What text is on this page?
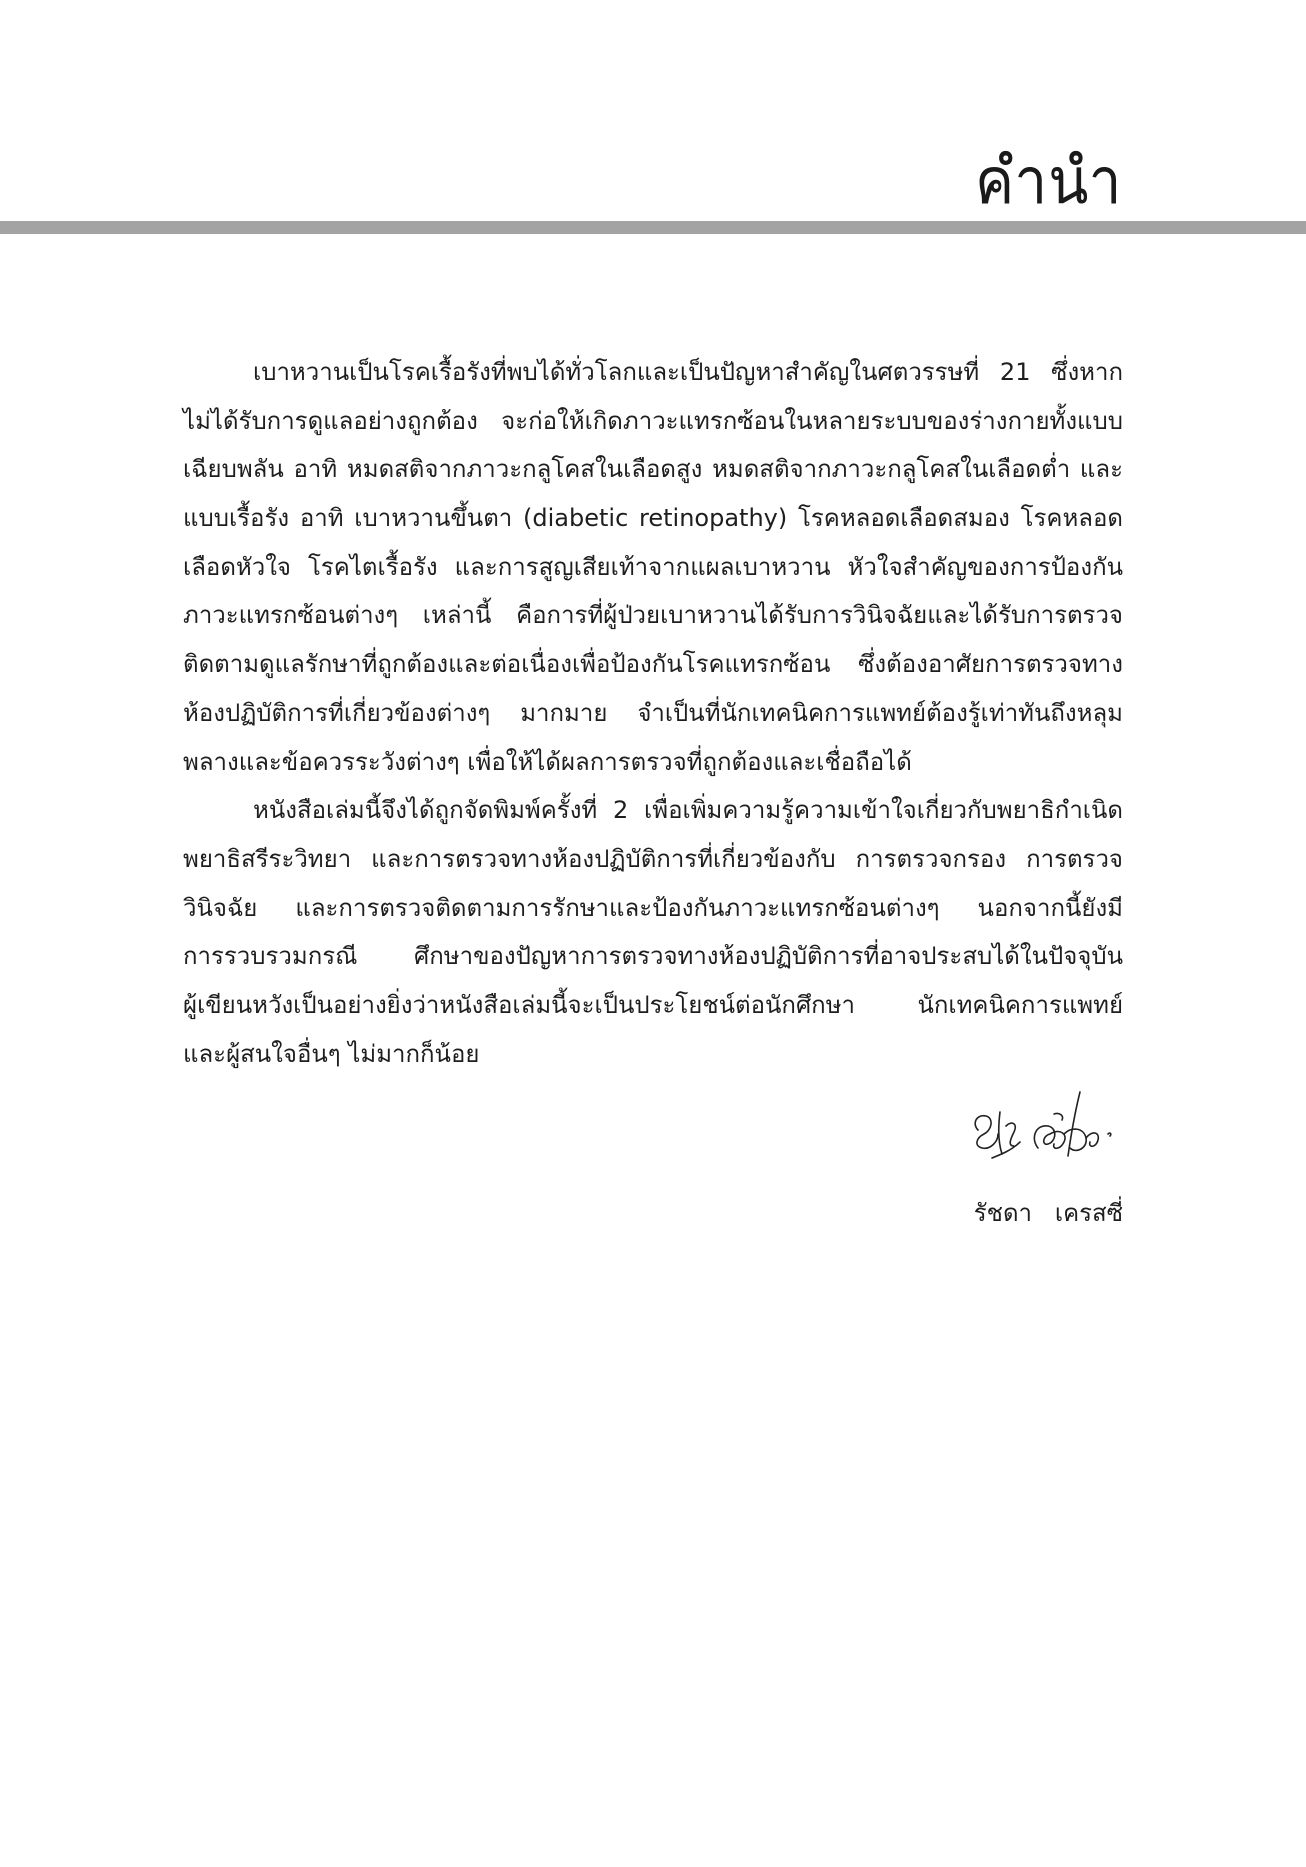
คำนำ
เบาหวานเป็นโรคเรื้อรังที่พบได้ทั่วโลกและเป็นปัญหาสำคัญในศตวรรษที่ 21 ซึ่งหาก
ไม่ได้รับการดูแลอย่างถูกต้อง จะก่อให้เกิดภาวะแทรกซ้อนในหลายระบบของร่างกายทั้งแบบ
เฉียบพลัน อาทิ หมดสติจากภาวะกลูโคสในเลือดสูง หมดสติจากภาวะกลูโคสในเลือดต่ำ และ
แบบเรื้อรัง อาทิ เบาหวานขึ้นตา (diabetic retinopathy) โรคหลอดเลือดสมอง โรคหลอด
เลือดหัวใจ โรคไตเรื้อรัง และการสูญเสียเท้าจากแผลเบาหวาน หัวใจสำคัญของการป้องกัน
ภาวะแทรกซ้อนต่างๆ เหล่านี้ คือการที่ผู้ป่วยเบาหวานได้รับการวินิจฉัยและได้รับการตรวจ
ติดตามดูแลรักษาที่ถูกต้องและต่อเนื่องเพื่อป้องกันโรคแทรกซ้อน ซึ่งต้องอาศัยการตรวจทาง
ห้องปฏิบัติการที่เกี่ยวข้องต่างๆ มากมาย จำเป็นที่นักเทคนิคการแพทย์ต้องรู้เท่าทันถึงหลุม
พลางและข้อควรระวังต่างๆ เพื่อให้ได้ผลการตรวจที่ถูกต้องและเชื่อถือได้
หนังสือเล่มนี้จึงได้ถูกจัดพิมพ์ครั้งที่ 2 เพื่อเพิ่มความรู้ความเข้าใจเกี่ยวกับพยาธิกำเนิด
พยาธิสรีระวิทยา และการตรวจทางห้องปฏิบัติการที่เกี่ยวข้องกับ การตรวจกรอง การตรวจ
วินิจฉัย และการตรวจติดตามการรักษาและป้องกันภาวะแทรกซ้อนต่างๆ นอกจากนี้ยังมี
การรวบรวมกรณี ศึกษาของปัญหาการตรวจทางห้องปฏิบัติการที่อาจประสบได้ในปัจจุบัน
ผู้เขียนหวังเป็นอย่างยิ่งว่าหนังสือเล่มนี้จะเป็นประโยชน์ต่อนักศึกษา นักเทคนิคการแพทย์
และผู้สนใจอื่นๆ ไม่มากก็น้อย
รัชดา   เครสซี่
